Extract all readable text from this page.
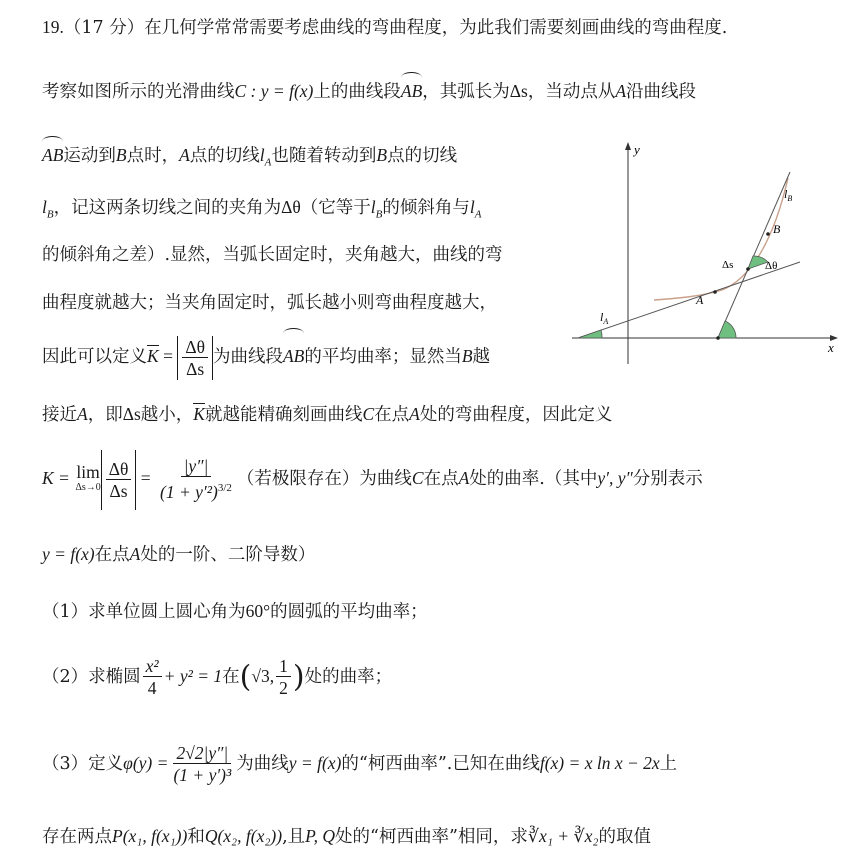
19.（17 分）在几何学常常需要考虑曲线的弯曲程度，为此我们需要刻画曲线的弯曲程度.
考察如图所示的光滑曲线C : y = f(x)上的曲线段AB，其弧长为Δs，当动点从A沿曲线段
AB运动到B点时，A点的切线$l_A$也随着转动到B点的切线
$l_B$，记这两条切线之间的夹角为Δθ（它等于$l_B$的倾斜角与$l_A$
的倾斜角之差）.显然，当弧长固定时，夹角越大，曲线的弯
曲程度就越大；当夹角固定时，弧长越小则弯曲程度越大，
因此可以定义$K = \frac{\Delta\theta}{\Delta s}$ 为曲线段AB的平均曲率；显然当B越
接近A，即Δs越小，K就越能精确刻画曲线C在点A处的弯曲程度，因此定义
K = lim
$\Delta s\to 0 \frac{\Delta\theta}{\Delta s} = \frac{|y''|}{(1 + y'^2)^{3/2}}$ （若极限存在）为曲线C在点A处的曲率.（其中y′, y″分别表示
y = f(x)在点A处的一阶、二阶导数）
（1）求单位圆上圆心角为60°的圆弧的平均曲率；
（2）求椭圆 $\frac{\text{x²}}{4} + y^2 = 1$在(√3, $\frac{1}{2}$ )处的曲率；
（3）定义$\varphi(y) = \frac{2√2|y''|}{\text{(1 + y′)³}}$ 为曲线y = f(x)的“柯西曲率”.已知在曲线f(x) = x ln x − 2x上
存在两点P(x₁, f(x₁))和Q(x₂, f(x₂)),且P, Q处的“柯西曲率”相同，求∛x₁ + ∛x₂的取值
y
x
$l_B$
B
Δs	Δθ
A
$l_A$
